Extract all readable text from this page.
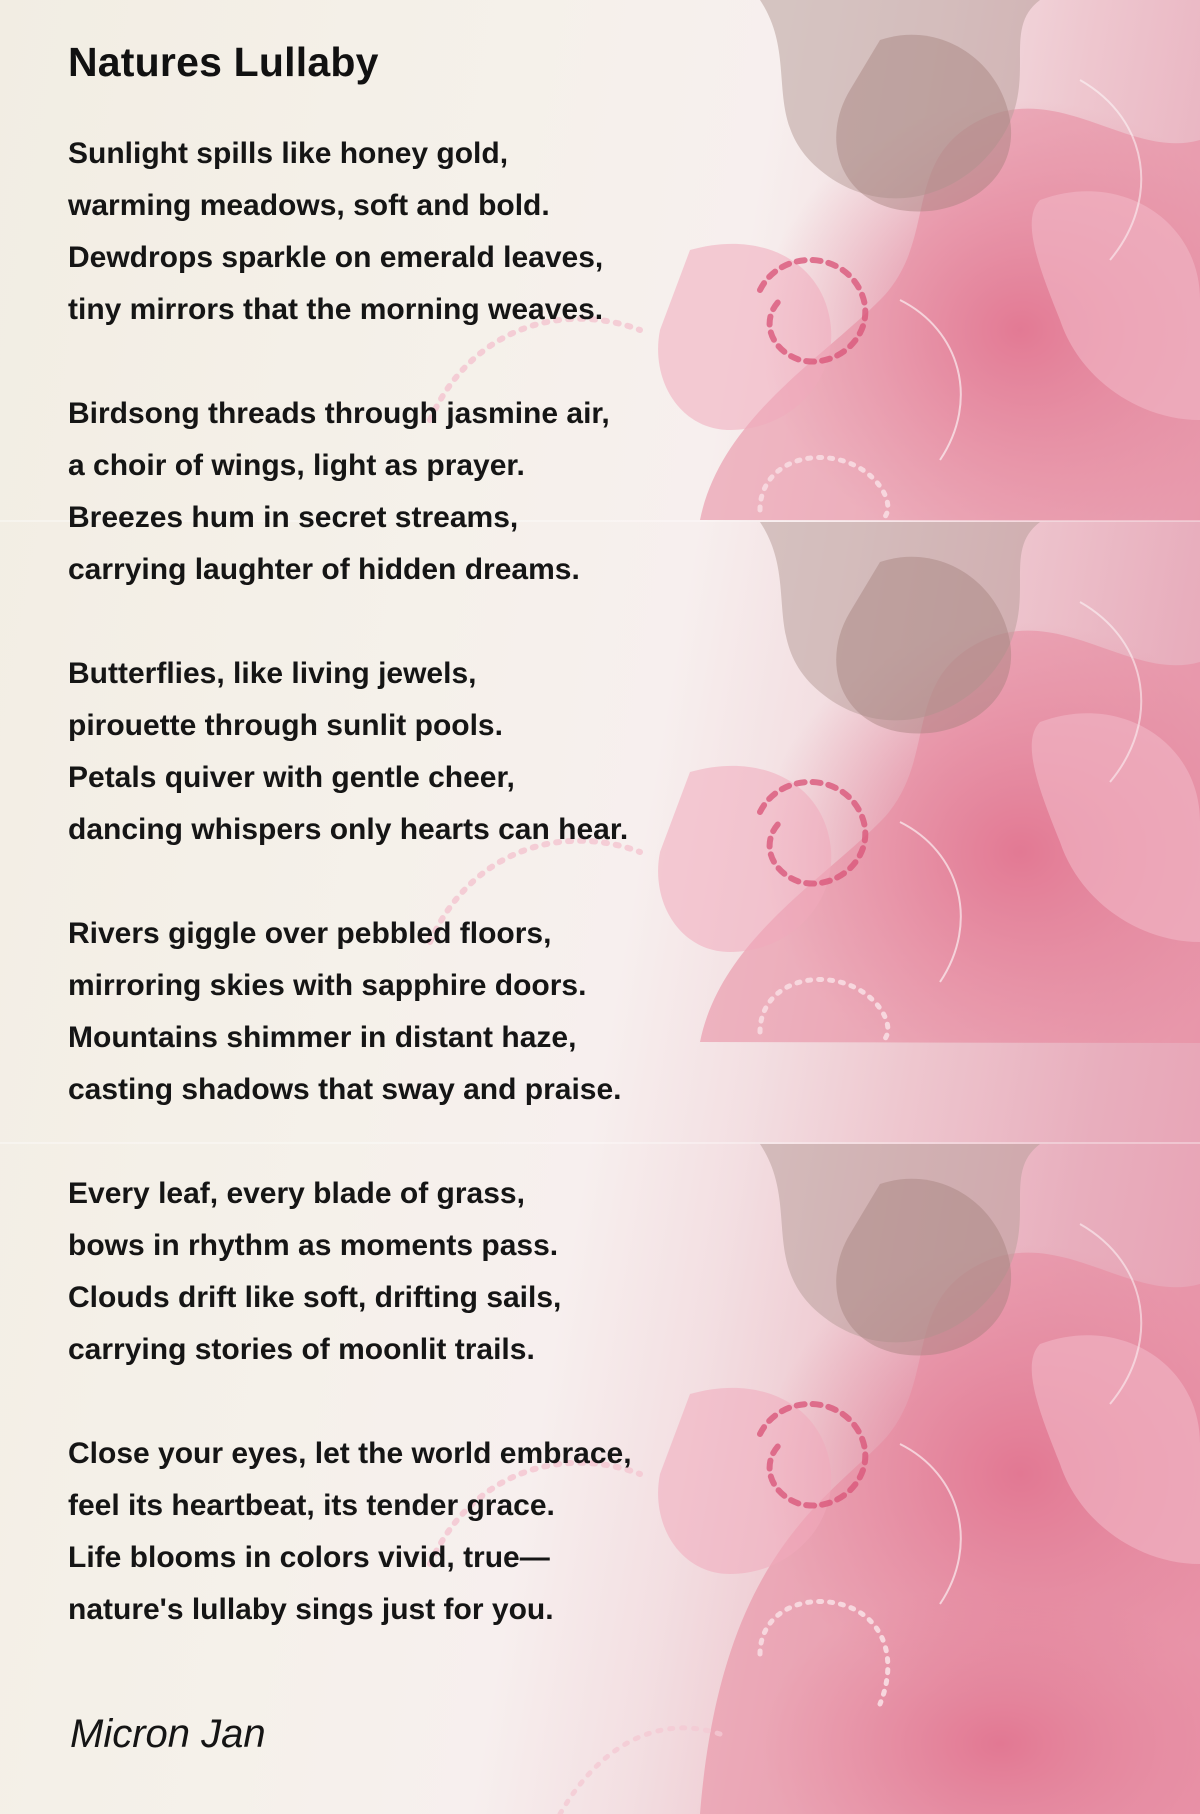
Natures Lullaby
Sunlight spills like honey gold,
warming meadows, soft and bold.
Dewdrops sparkle on emerald leaves,
tiny mirrors that the morning weaves.
Birdsong threads through jasmine air,
a choir of wings, light as prayer.
Breezes hum in secret streams,
carrying laughter of hidden dreams.
Butterflies, like living jewels,
pirouette through sunlit pools.
Petals quiver with gentle cheer,
dancing whispers only hearts can hear.
Rivers giggle over pebbled floors,
mirroring skies with sapphire doors.
Mountains shimmer in distant haze,
casting shadows that sway and praise.
Every leaf, every blade of grass,
bows in rhythm as moments pass.
Clouds drift like soft, drifting sails,
carrying stories of moonlit trails.
Close your eyes, let the world embrace,
feel its heartbeat, its tender grace.
Life blooms in colors vivid, true—
nature's lullaby sings just for you.

Micron Jan
